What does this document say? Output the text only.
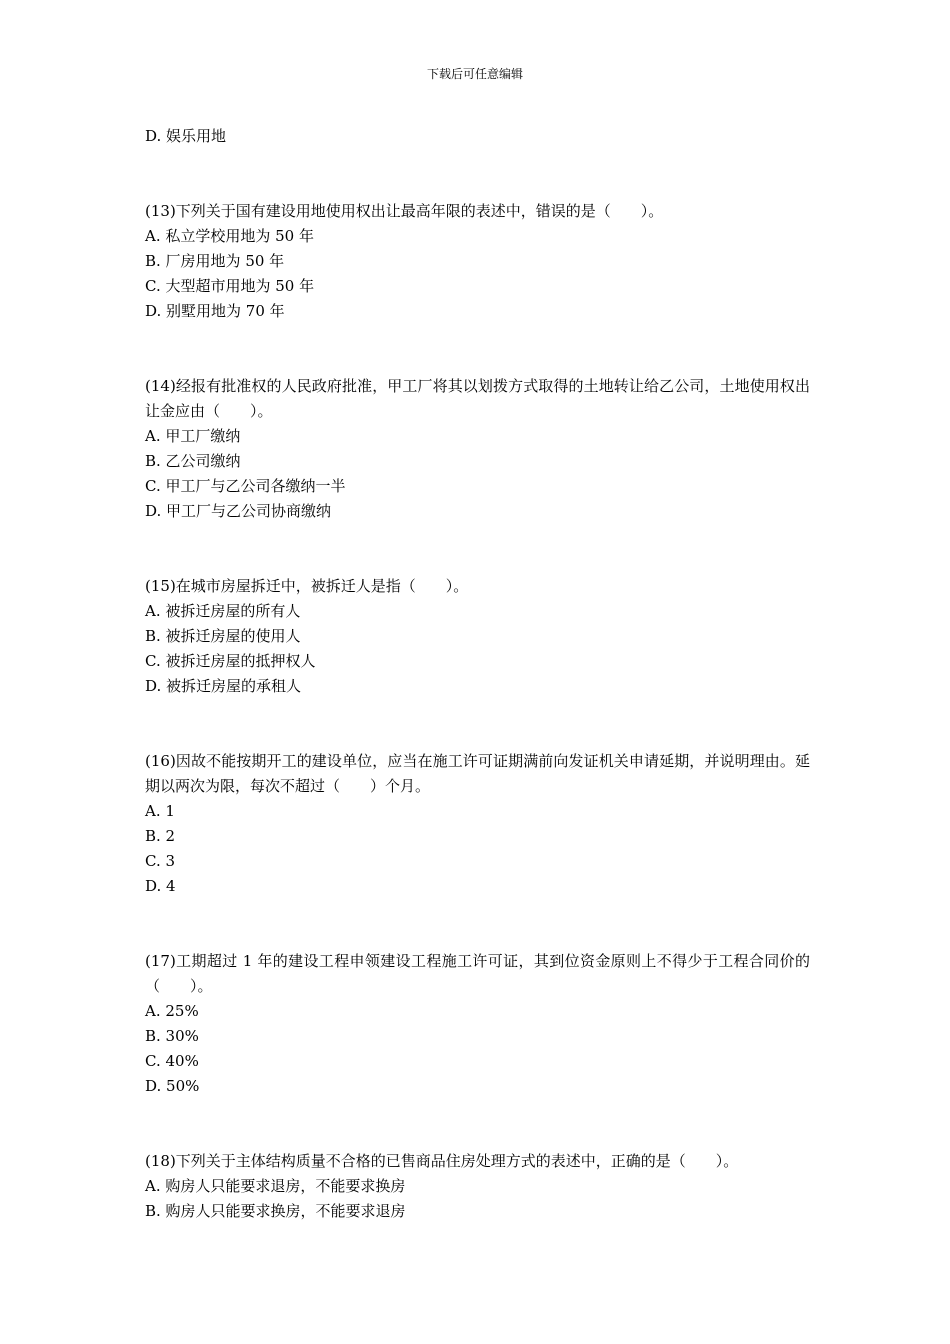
下载后可任意编辑

D. 娱乐用地

(13)下列关于国有建设用地使用权出让最高年限的表述中，错误的是（　　）。

A. 私立学校用地为 50 年

B. 厂房用地为 50 年

C. 大型超市用地为 50 年

D. 别墅用地为 70 年

(14)经报有批准权的人民政府批准，甲工厂将其以划拨方式取得的土地转让给乙公司，土地使用权出让金应由（　　）。

A. 甲工厂缴纳

B. 乙公司缴纳

C. 甲工厂与乙公司各缴纳一半

D. 甲工厂与乙公司协商缴纳

(15)在城市房屋拆迁中，被拆迁人是指（　　）。

A. 被拆迁房屋的所有人

B. 被拆迁房屋的使用人

C. 被拆迁房屋的抵押权人

D. 被拆迁房屋的承租人

(16)因故不能按期开工的建设单位，应当在施工许可证期满前向发证机关申请延期，并说明理由。延期以两次为限，每次不超过（　　）个月。

A. 1

B. 2

C. 3

D. 4

(17)工期超过 1 年的建设工程申领建设工程施工许可证，其到位资金原则上不得少于工程合同价的（　　）。

A. 25%

B. 30%

C. 40%

D. 50%

(18)下列关于主体结构质量不合格的已售商品住房处理方式的表述中，正确的是（　　）。

A. 购房人只能要求退房，不能要求换房

B. 购房人只能要求换房，不能要求退房
